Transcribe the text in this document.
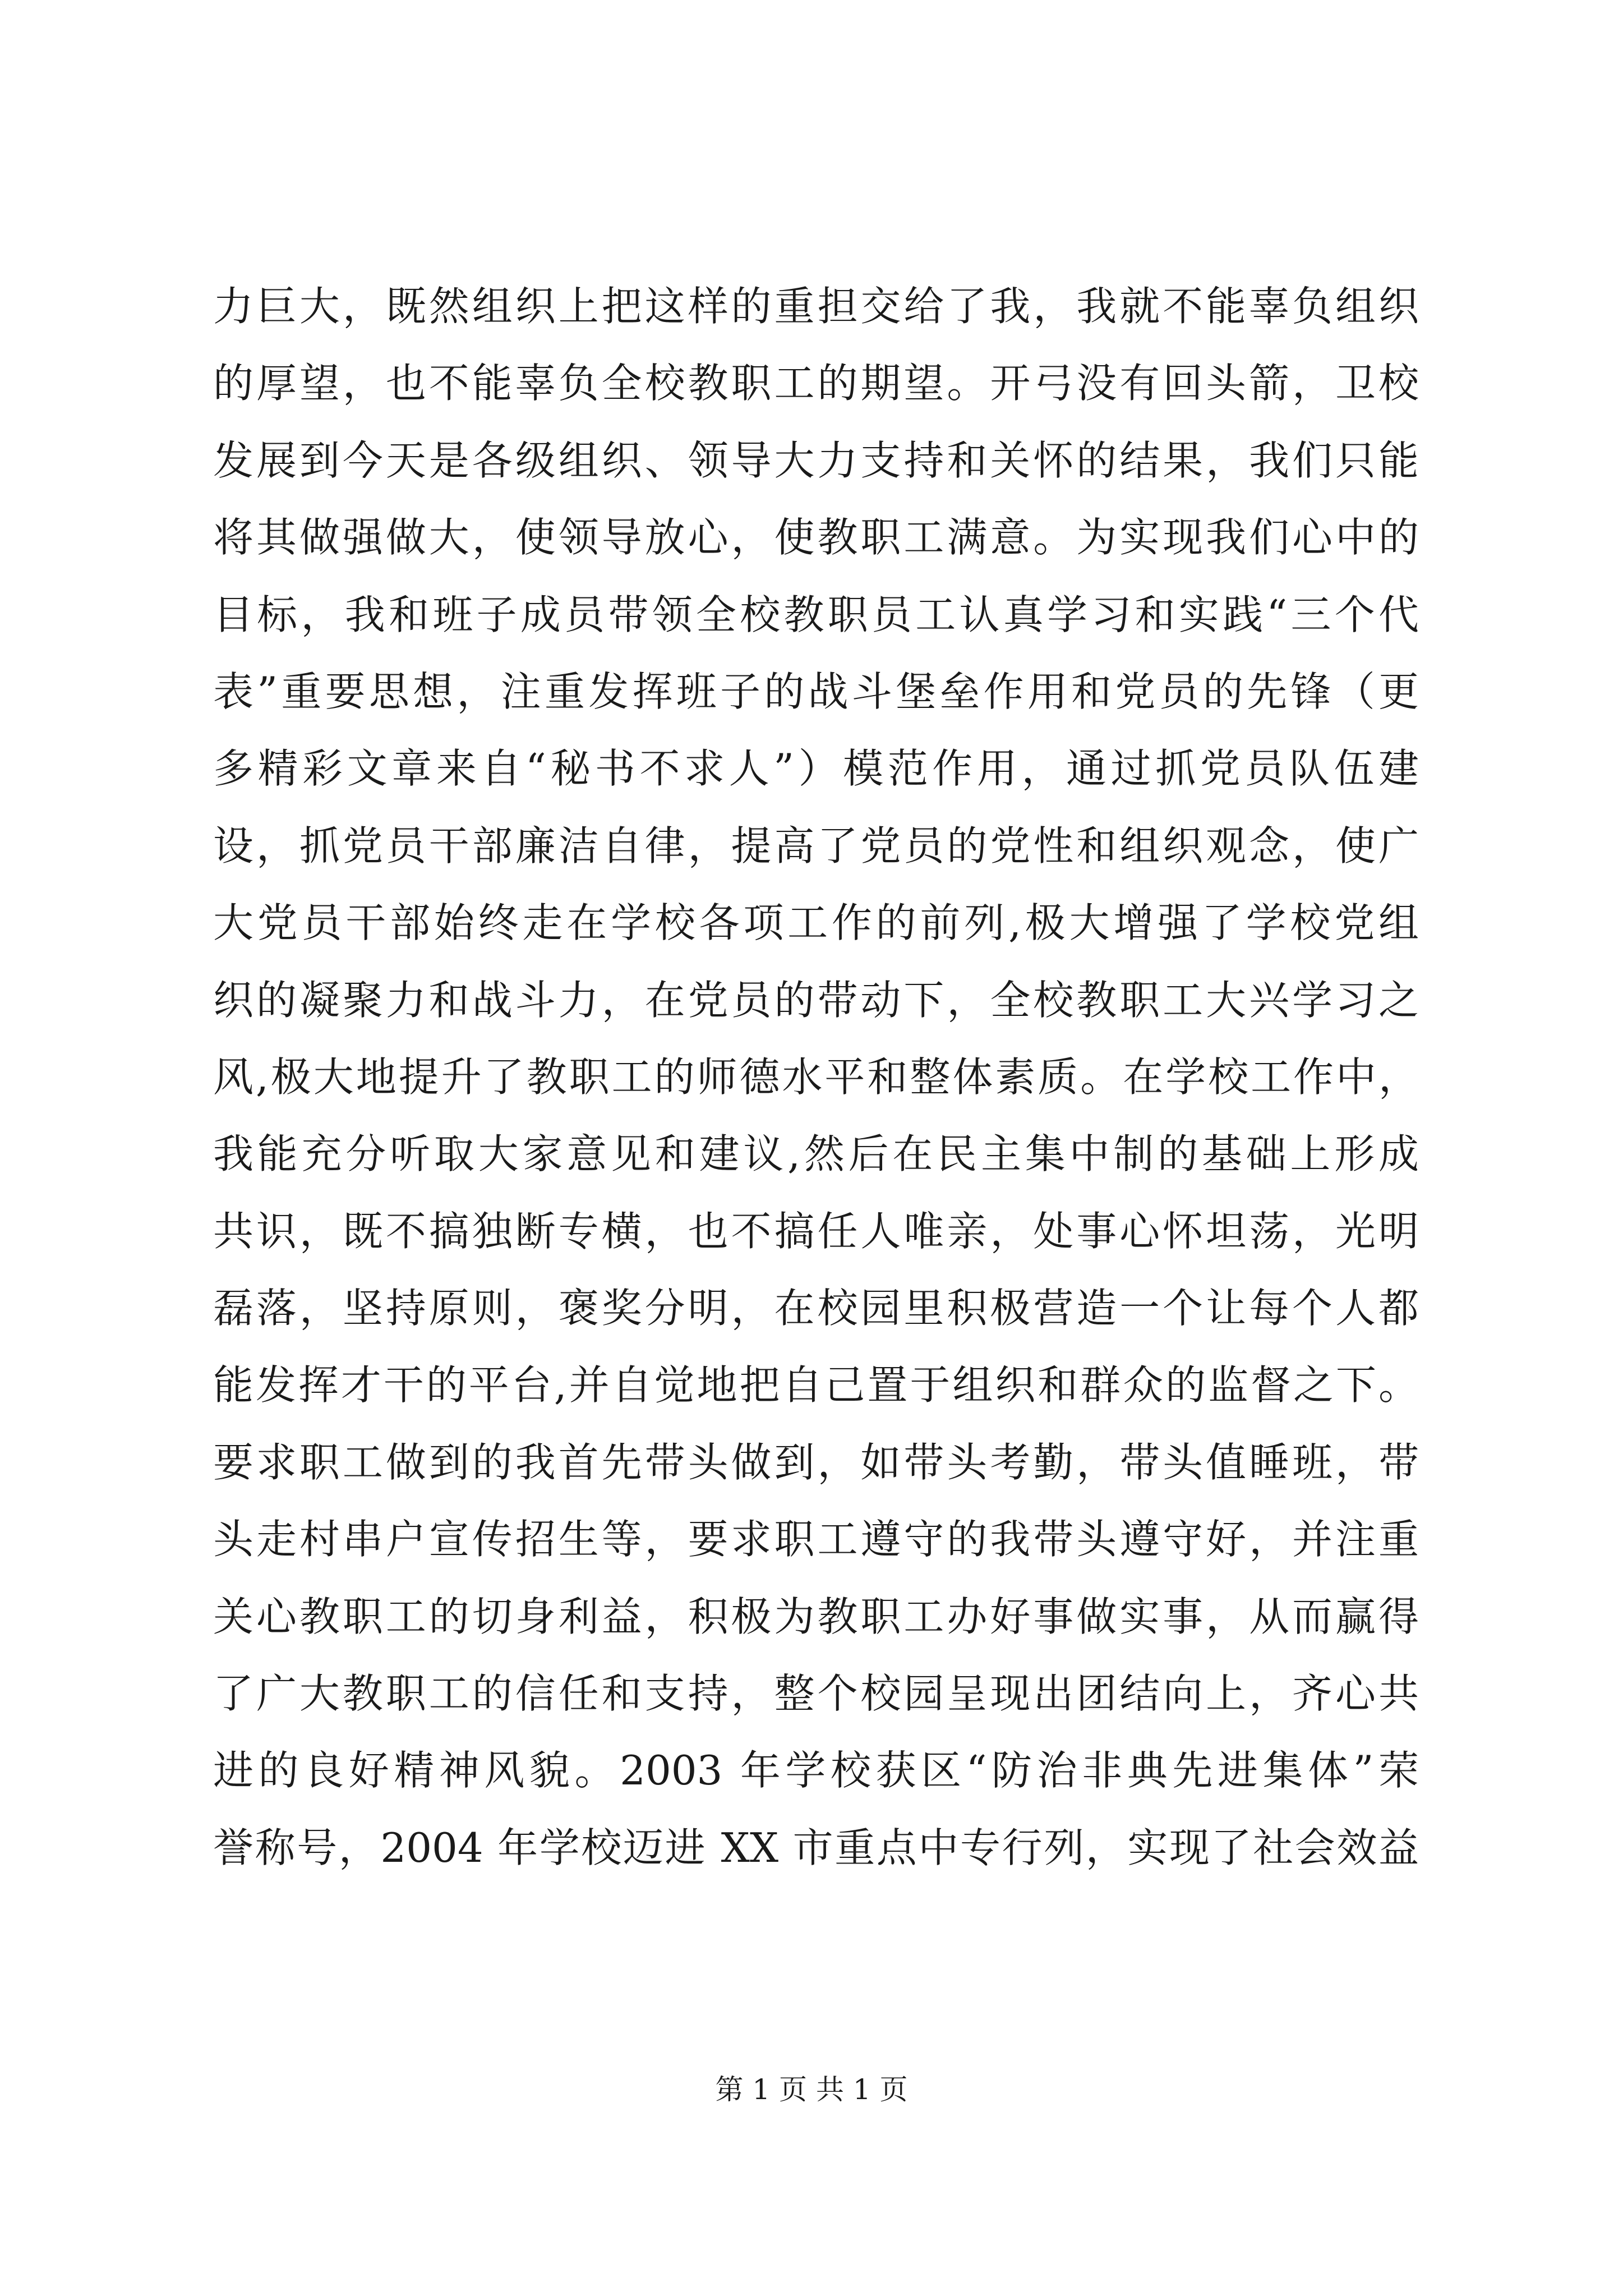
力巨大，既然组织上把这样的重担交给了我，我就不能辜负组织
的厚望，也不能辜负全校教职工的期望。开弓没有回头箭，卫校
发展到今天是各级组织、领导大力支持和关怀的结果，我们只能
将其做强做大，使领导放心，使教职工满意。为实现我们心中的
目标，我和班子成员带领全校教职员工认真学习和实践“三个代
表”重要思想，注重发挥班子的战斗堡垒作用和党员的先锋（更
多精彩文章来自“秘书不求人”）模范作用，通过抓党员队伍建
设，抓党员干部廉洁自律，提高了党员的党性和组织观念，使广
大党员干部始终走在学校各项工作的前列,极大增强了学校党组
织的凝聚力和战斗力，在党员的带动下，全校教职工大兴学习之
风,极大地提升了教职工的师德水平和整体素质。在学校工作中，
我能充分听取大家意见和建议,然后在民主集中制的基础上形成
共识，既不搞独断专横，也不搞任人唯亲，处事心怀坦荡，光明
磊落，坚持原则，褒奖分明，在校园里积极营造一个让每个人都
能发挥才干的平台,并自觉地把自己置于组织和群众的监督之下。
要求职工做到的我首先带头做到，如带头考勤，带头值睡班，带
头走村串户宣传招生等，要求职工遵守的我带头遵守好，并注重
关心教职工的切身利益，积极为教职工办好事做实事，从而赢得
了广大教职工的信任和支持，整个校园呈现出团结向上，齐心共
进的良好精神风貌。2003 年学校获区“防治非典先进集体”荣
誉称号，2004 年学校迈进 XX 市重点中专行列，实现了社会效益
第 1 页 共 1 页
